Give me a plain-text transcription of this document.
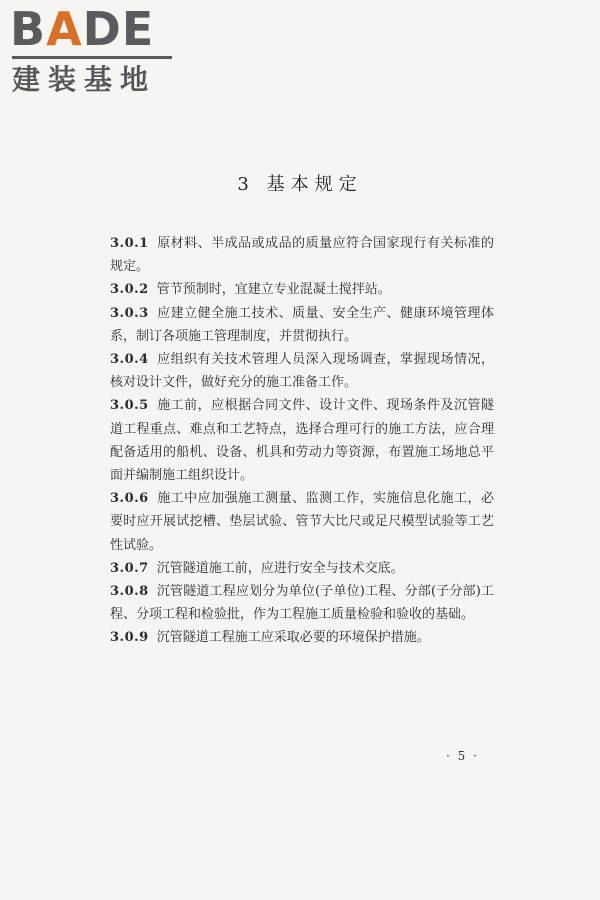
BADE
建装基地
3 基本规定

3.0.1 原材料、半成品或成品的质量应符合国家现行有关标准的规定。

3.0.2 管节预制时，宜建立专业混凝土搅拌站。

3.0.3 应建立健全施工技术、质量、安全生产、健康环境管理体系，制订各项施工管理制度，并贯彻执行。

3.0.4 应组织有关技术管理人员深入现场调查，掌握现场情况，核对设计文件，做好充分的施工准备工作。

3.0.5 施工前，应根据合同文件、设计文件、现场条件及沉管隧道工程重点、难点和工艺特点，选择合理可行的施工方法，应合理配备适用的船机、设备、机具和劳动力等资源，布置施工场地总平面并编制施工组织设计。

3.0.6 施工中应加强施工测量、监测工作，实施信息化施工，必要时应开展试挖槽、垫层试验、管节大比尺或足尺模型试验等工艺性试验。

3.0.7 沉管隧道施工前，应进行安全与技术交底。

3.0.8 沉管隧道工程应划分为单位(子单位)工程、分部(子分部)工程、分项工程和检验批，作为工程施工质量检验和验收的基础。

3.0.9 沉管隧道工程施工应采取必要的环境保护措施。

· 5 ·
